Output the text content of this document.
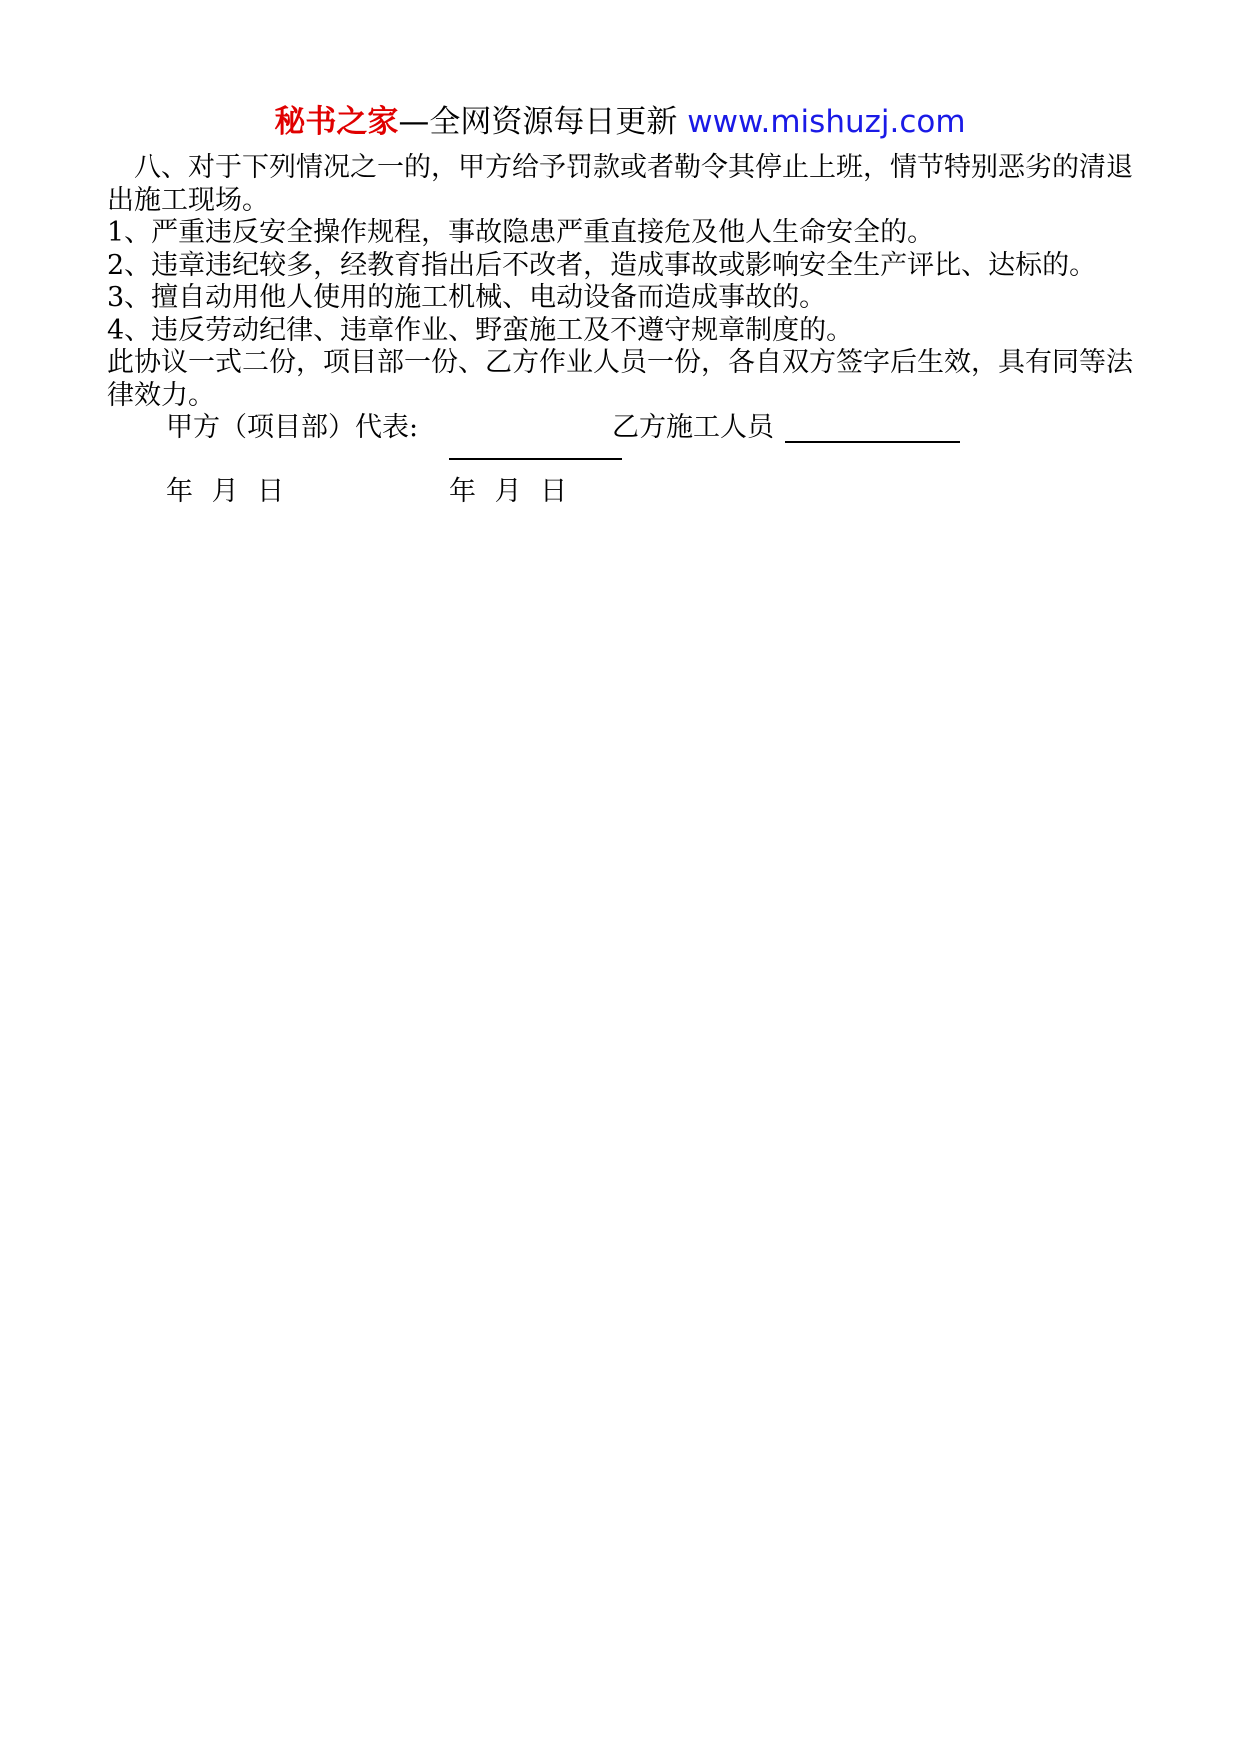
秘书之家—全网资源每日更新 www.mishuzj.com

八、对于下列情况之一的，甲方给予罚款或者勒令其停止上班，情节特别恶劣的清退出施工现场。

1、严重违反安全操作规程，事故隐患严重直接危及他人生命安全的。

2、违章违纪较多，经教育指出后不改者，造成事故或影响安全生产评比、达标的。

3、擅自动用他人使用的施工机械、电动设备而造成事故的。

4、违反劳动纪律、违章作业、野蛮施工及不遵守规章制度的。

此协议一式二份，项目部一份、乙方作业人员一份，各自双方签字后生效，具有同等法律效力。

甲方（项目部）代表:	乙方施工人员
年 月 日	年 月 日
